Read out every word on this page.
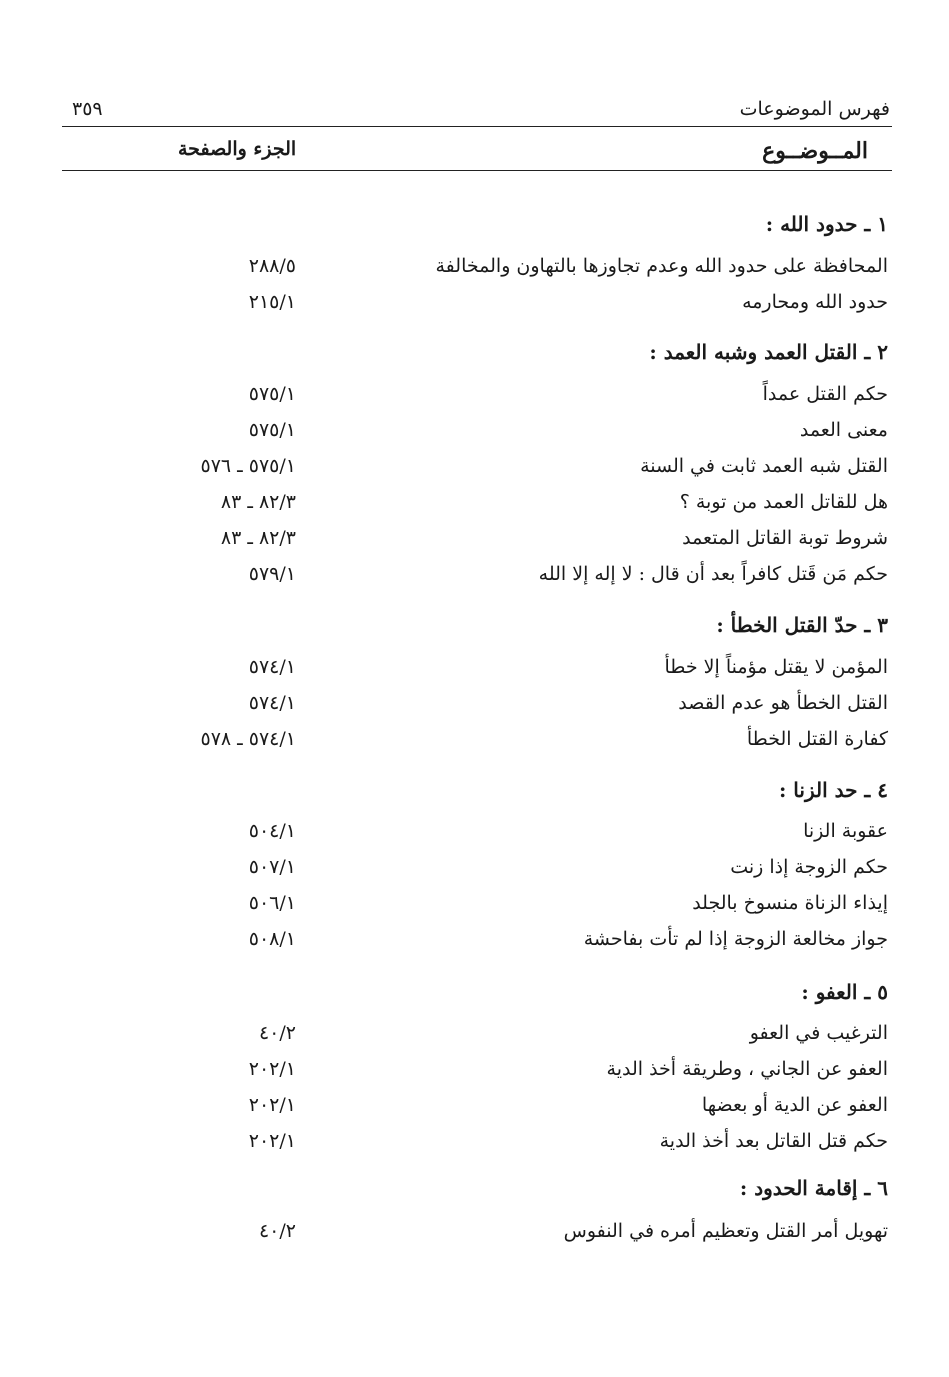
فهرس الموضوعات
٣٥٩
المــوضــوع
الجزء والصفحة
١ ـ حدود الله :
المحافظة على حدود الله وعدم تجاوزها بالتهاون والمخالفة
٢٨٨/٥
حدود الله ومحارمه
٢١٥/١
٢ ـ القتل العمد وشبه العمد :
حكم القتل عمداً
٥٧٥/١
معنى العمد
٥٧٥/١
القتل شبه العمد ثابت في السنة
٥٧٥/١ ـ ٥٧٦
هل للقاتل العمد من توبة ؟
٨٢/٣ ـ ٨٣
شروط توبة القاتل المتعمد
٨٢/٣ ـ ٨٣
حكم مَن قَتل كافراً بعد أن قال : لا إله إلا الله
٥٧٩/١
٣ ـ حدّ القتل الخطأ :
المؤمن لا يقتل مؤمناً إلا خطأ
٥٧٤/١
القتل الخطأ هو عدم القصد
٥٧٤/١
كفارة القتل الخطأ
٥٧٤/١ ـ ٥٧٨
٤ ـ حد الزنا :
عقوبة الزنا
٥٠٤/١
حكم الزوجة إذا زنت
٥٠٧/١
إيذاء الزناة منسوخ بالجلد
٥٠٦/١
جواز مخالعة الزوجة إذا لم تأت بفاحشة
٥٠٨/١
٥ ـ العفو :
الترغيب في العفو
٤٠/٢
العفو عن الجاني ، وطريقة أخذ الدية
٢٠٢/١
العفو عن الدية أو بعضها
٢٠٢/١
حكم قتل القاتل بعد أخذ الدية
٢٠٢/١
٦ ـ إقامة الحدود :
تهويل أمر القتل وتعظيم أمره في النفوس
٤٠/٢
